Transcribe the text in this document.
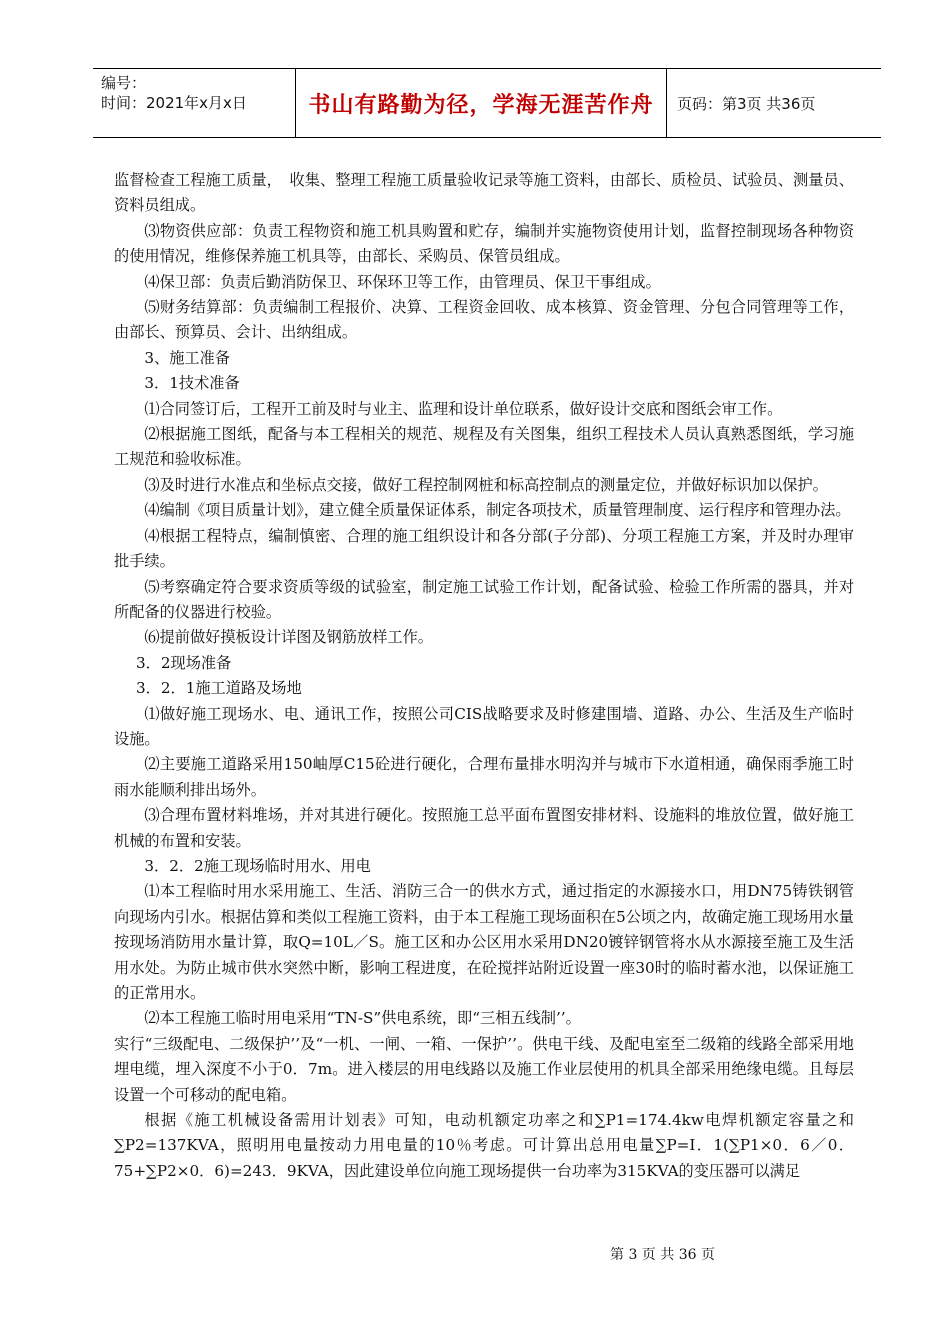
编号：
时间：2021年x月x日	书山有路勤为径，学海无涯苦作舟 页码：第3页 共36页

监督检查工程施工质量，　收集、整理工程施工质量验收记录等施工资料，由部长、质检员、试验员、测量员、资料员组成。

⑶物资供应部：负责工程物资和施工机具购置和贮存，编制并实施物资使用计划，监督控制现场各种物资的使用情况，维修保养施工机具等，由部长、采购员、保管员组成。

⑷保卫部：负责后勤消防保卫、环保环卫等工作，由管理员、保卫干事组成。

⑸财务结算部：负责编制工程报价、决算、工程资金回收、成本核算、资金管理、分包合同管理等工作，由部长、预算员、会计、出纳组成。

3、施工准备

3．1技术准备

⑴合同签订后，工程开工前及时与业主、监理和设计单位联系，做好设计交底和图纸会审工作。

⑵根据施工图纸，配备与本工程相关的规范、规程及有关图集，组织工程技术人员认真熟悉图纸，学习施工规范和验收标准。

⑶及时进行水准点和坐标点交接，做好工程控制网桩和标高控制点的测量定位，并做好标识加以保护。

⑷编制《项目质量计划》，建立健全质量保证体系，制定各项技术，质量管理制度、运行程序和管理办法。

⑷根据工程特点，编制慎密、合理的施工组织设计和各分部(子分部)、分项工程施工方案，并及时办理审批手续。

⑸考察确定符合要求资质等级的试验室，制定施工试验工作计划，配备试验、检验工作所需的器具，并对所配备的仪器进行校验。

⑹提前做好摸板设计详图及钢筋放样工作。

3．2现场准备

3．2．1施工道路及场地

⑴做好施工现场水、电、通讯工作，按照公司CIS战略要求及时修建围墙、道路、办公、生活及生产临时设施。

⑵主要施工道路采用150岫厚C15砼进行硬化，合理布量排水明沟并与城市下水道相通，确保雨季施工时雨水能顺利排出场外。

⑶合理布置材料堆场，并对其进行硬化。按照施工总平面布置图安排材料、设施料的堆放位置，做好施工机械的布置和安装。

3．2．2施工现场临时用水、用电

⑴本工程临时用水采用施工、生活、消防三合一的供水方式，通过指定的水源接水口，用DN75铸铁钢管向现场内引水。根据估算和类似工程施工资料，由于本工程施工现场面积在5公顷之内，故确定施工现场用水量按现场消防用水量计算，取Q=10L／S。施工区和办公区用水采用DN20镀锌钢管将水从水源接至施工及生活用水处。为防止城市供水突然中断，影响工程进度，在砼搅拌站附近设置一座30时的临时蓄水池，以保证施工的正常用水。

⑵本工程施工临时用电采用“TN-S”供电系统，即“三相五线制’’。

实行“三级配电、二级保护’’及“一机、一闸、一箱、一保护’’。供电干线、及配电室至二级箱的线路全部采用地埋电缆，埋入深度不小于0．7m。进入楼层的用电线路以及施工作业层使用的机具全部采用绝缘电缆。且每层设置一个可移动的配电箱。

根据《施工机械设备需用计划表》可知，电动机额定功率之和∑P1=174.4kw电焊机额定容量之和∑P2=137KVA，照明用电量按动力用电量的10％考虑。可计算出总用电量∑P=I．1(∑P1×0．6／0．75+∑P2×0．6)=243．9KVA，因此建设单位向施工现场提供一台功率为315KVA的变压器可以满足

第 3 页 共 36 页
